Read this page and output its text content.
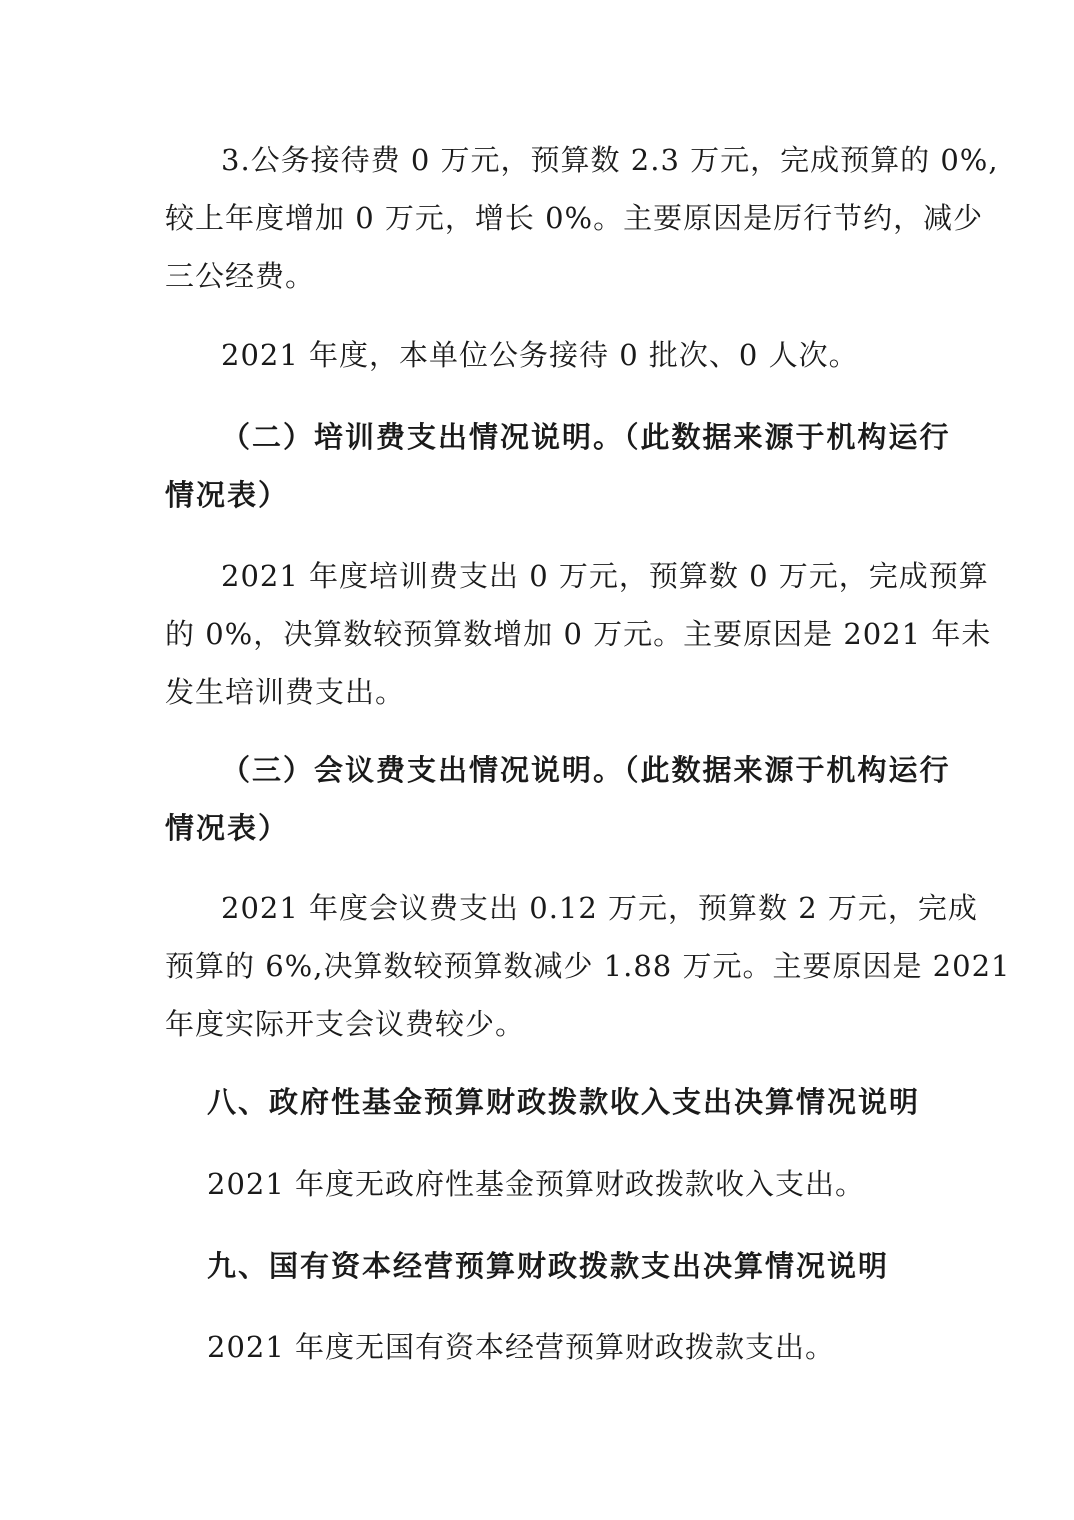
3.公务接待费 0 万元，预算数 2.3 万元，完成预算的 0%,
较上年度增加 0 万元，增长 0%。主要原因是厉行节约，减少
三公经费。
2021 年度，本单位公务接待 0 批次、0 人次。
（二）培训费支出情况说明。（此数据来源于机构运行
情况表）
2021 年度培训费支出 0 万元，预算数 0 万元，完成预算
的 0%，决算数较预算数增加 0 万元。主要原因是 2021 年未
发生培训费支出。
（三）会议费支出情况说明。（此数据来源于机构运行
情况表）
2021 年度会议费支出 0.12 万元，预算数 2 万元，完成
预算的 6%,决算数较预算数减少 1.88 万元。主要原因是 2021
年度实际开支会议费较少。
八、政府性基金预算财政拨款收入支出决算情况说明
2021 年度无政府性基金预算财政拨款收入支出。
九、国有资本经营预算财政拨款支出决算情况说明
2021 年度无国有资本经营预算财政拨款支出。
